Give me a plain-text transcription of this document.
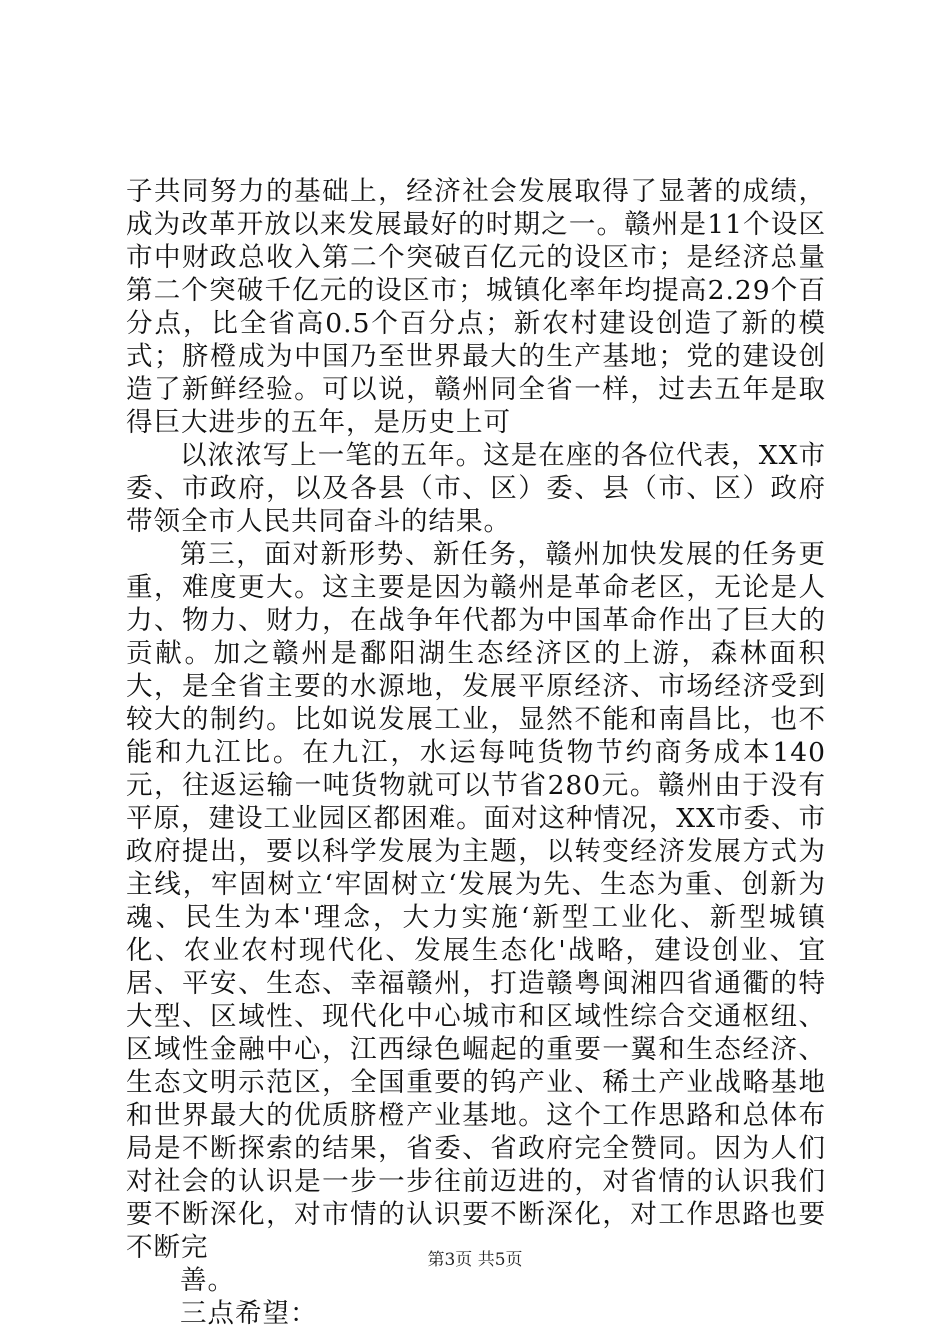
子共同努力的基础上，经济社会发展取得了显著的成绩，成为改革开放以来发展最好的时期之一。赣州是11个设区市中财政总收入第二个突破百亿元的设区市；是经济总量第二个突破千亿元的设区市；城镇化率年均提高2.29个百分点，比全省高0.5个百分点；新农村建设创造了新的模式；脐橙成为中国乃至世界最大的生产基地；党的建设创造了新鲜经验。可以说，赣州同全省一样，过去五年是取得巨大进步的五年，是历史上可

以浓浓写上一笔的五年。这是在座的各位代表，XX市委、市政府，以及各县（市、区）委、县（市、区）政府带领全市人民共同奋斗的结果。

第三，面对新形势、新任务，赣州加快发展的任务更重，难度更大。这主要是因为赣州是革命老区，无论是人力、物力、财力，在战争年代都为中国革命作出了巨大的贡献。加之赣州是鄱阳湖生态经济区的上游，森林面积大，是全省主要的水源地，发展平原经济、市场经济受到较大的制约。比如说发展工业，显然不能和南昌比，也不能和九江比。在九江，水运每吨货物节约商务成本140元，往返运输一吨货物就可以节省280元。赣州由于没有平原，建设工业园区都困难。面对这种情况，XX市委、市政府提出，要以科学发展为主题，以转变经济发展方式为主线，牢固树立‘牢固树立‘发展为先、生态为重、创新为魂、民生为本'理念，大力实施‘新型工业化、新型城镇化、农业农村现代化、发展生态化'战略，建设创业、宜居、平安、生态、幸福赣州，打造赣粤闽湘四省通衢的特大型、区域性、现代化中心城市和区域性综合交通枢纽、区域性金融中心，江西绿色崛起的重要一翼和生态经济、生态文明示范区，全国重要的钨产业、稀土产业战略基地和世界最大的优质脐橙产业基地。这个工作思路和总体布局是不断探索的结果，省委、省政府完全赞同。因为人们对社会的认识是一步一步往前迈进的，对省情的认识我们要不断深化，对市情的认识要不断深化，对工作思路也要不断完

善。

三点希望：

第3页 共5页
